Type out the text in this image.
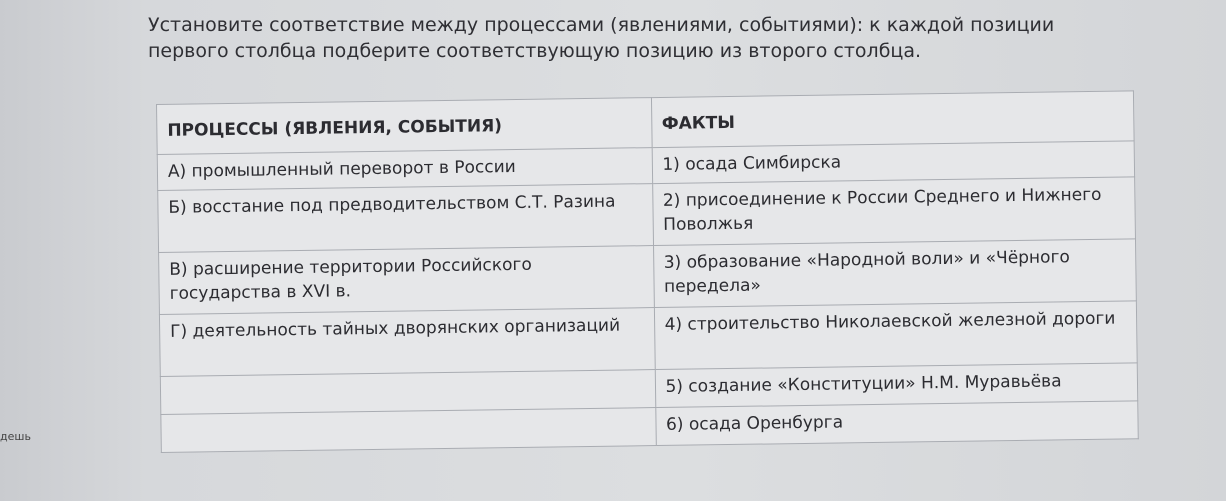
Установите соответствие между процессами (явлениями, событиями): к каждой позиции первого столбца подберите соответствующую позицию из второго столбца.
дешь
ПРОЦЕССЫ (ЯВЛЕНИЯ, СОБЫТИЯ)	ФАКТЫ
А) промышленный переворот в России	1) осада Симбирска
Б) восстание под предводительством С.Т. Разина	2) присоединение к России Среднего и Нижнего Поволжья
В) расширение территории Российского государства в XVI в.	3) образование «Народной воли» и «Чёрного передела»
Г) деятельность тайных дворянских организаций	4) строительство Николаевской железной дороги
	5) создание «Конституции» Н.М. Муравьёва
	6) осада Оренбурга
